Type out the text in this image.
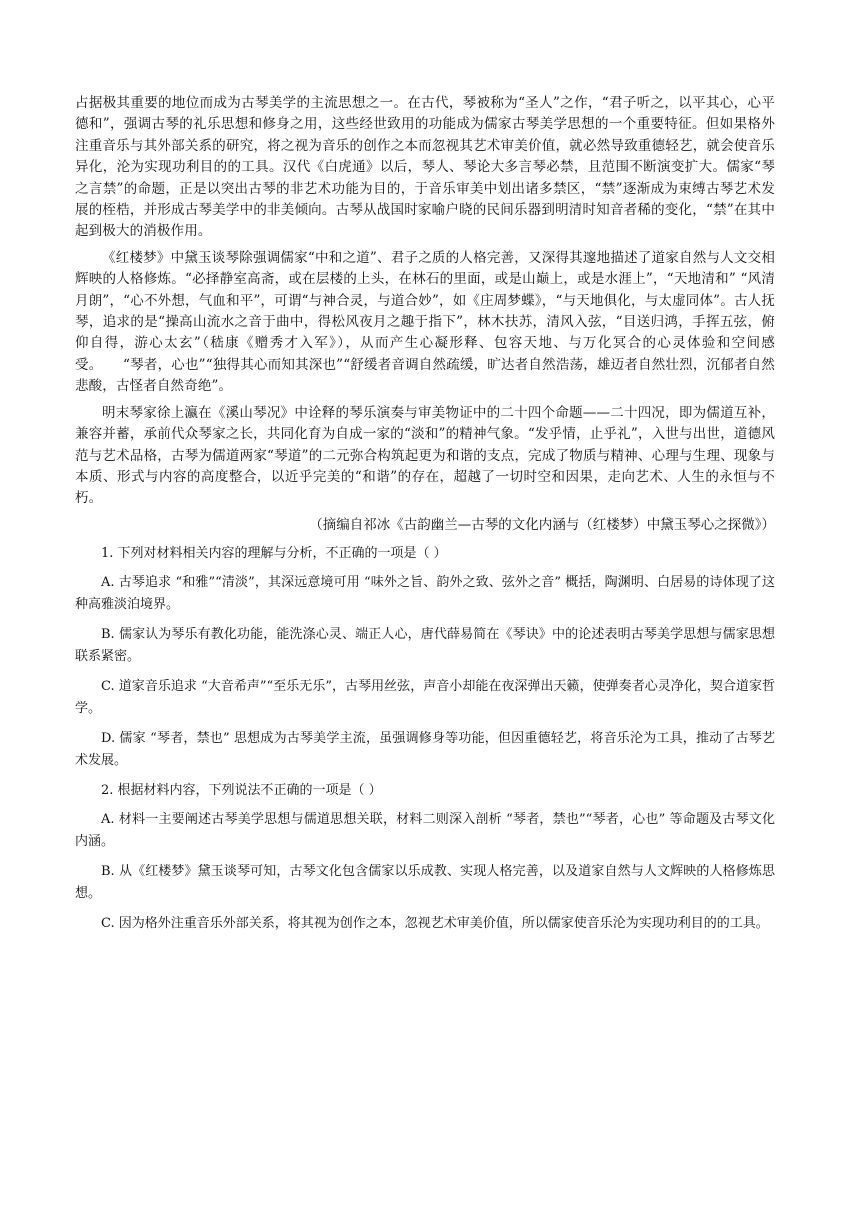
占据极其重要的地位而成为古琴美学的主流思想之一。在古代，琴被称为“圣人”之作，“君子听之，以平其心，心平德和”，强调古琴的礼乐思想和修身之用，这些经世致用的功能成为儒家古琴美学思想的一个重要特征。但如果格外注重音乐与其外部关系的研究，将之视为音乐的创作之本而忽视其艺术审美价值，就必然导致重德轻艺，就会使音乐异化，沦为实现功利目的的工具。汉代《白虎通》以后，琴人、琴论大多言琴必禁，且范围不断演变扩大。儒家“琴之言禁”的命题，正是以突出古琴的非艺术功能为目的，于音乐审美中划出诸多禁区，“禁”逐渐成为束缚古琴艺术发展的桎梏，并形成古琴美学中的非美倾向。古琴从战国时家喻户晓的民间乐器到明清时知音者稀的变化，“禁”在其中起到极大的消极作用。

《红楼梦》中黛玉谈琴除强调儒家“中和之道”、君子之质的人格完善，又深得其邃地描述了道家自然与人文交相辉映的人格修炼。“必择静室高斋，或在层楼的上头，在林石的里面，或是山巅上，或是水涯上”，“天地清和” “风清月朗”，“心不外想，气血和平”，可谓“与神合灵，与道合妙”，如《庄周梦蝶》，“与天地俱化，与太虚同体”。古人抚琴，追求的是“操高山流水之音于曲中，得松风夜月之趣于指下”，林木扶苏，清风入弦，“目送归鸿，手挥五弦，俯仰自得，游心太玄”（嵇康《赠秀才入军》），从而产生心凝形释、包容天地、与万化冥合的心灵体验和空间感受。　　“琴者，心也”“独得其心而知其深也”“舒缓者音调自然疏缓，旷达者自然浩荡，雄迈者自然壮烈，沉郁者自然悲酸，古怪者自然奇绝”。

明末琴家徐上瀛在《溪山琴况》中诠释的琴乐演奏与审美物证中的二十四个命题——二十四况，即为儒道互补，兼容并蓄，承前代众琴家之长，共同化育为自成一家的“淡和”的精神气象。“发乎情，止乎礼”，入世与出世，道德风范与艺术品格，古琴为儒道两家“琴道”的二元弥合构筑起更为和谐的支点，完成了物质与精神、心理与生理、现象与本质、形式与内容的高度整合，以近乎完美的“和谐”的存在，超越了一切时空和因果，走向艺术、人生的永恒与不朽。

（摘编自祁冰《古韵幽兰—古琴的文化内涵与（红楼梦）中黛玉琴心之探微》）

1. 下列对材料相关内容的理解与分析，不正确的一项是（ ）

A. 古琴追求 “和雅”“清淡”，其深远意境可用 “味外之旨、韵外之致、弦外之音” 概括，陶渊明、白居易的诗体现了这种高雅淡泊境界。

B. 儒家认为琴乐有教化功能，能洗涤心灵、端正人心，唐代薛易简在《琴诀》中的论述表明古琴美学思想与儒家思想联系紧密。

C. 道家音乐追求 “大音希声”“至乐无乐”，古琴用丝弦，声音小却能在夜深弹出天籁，使弹奏者心灵净化，契合道家哲学。

D. 儒家 “琴者，禁也” 思想成为古琴美学主流，虽强调修身等功能，但因重德轻艺，将音乐沦为工具，推动了古琴艺术发展。

2. 根据材料内容，下列说法不正确的一项是（ ）

A. 材料一主要阐述古琴美学思想与儒道思想关联，材料二则深入剖析 “琴者，禁也”“琴者，心也” 等命题及古琴文化内涵。

B. 从《红楼梦》黛玉谈琴可知，古琴文化包含儒家以乐成教、实现人格完善，以及道家自然与人文辉映的人格修炼思想。

C. 因为格外注重音乐外部关系，将其视为创作之本，忽视艺术审美价值，所以儒家使音乐沦为实现功利目的的工具。
